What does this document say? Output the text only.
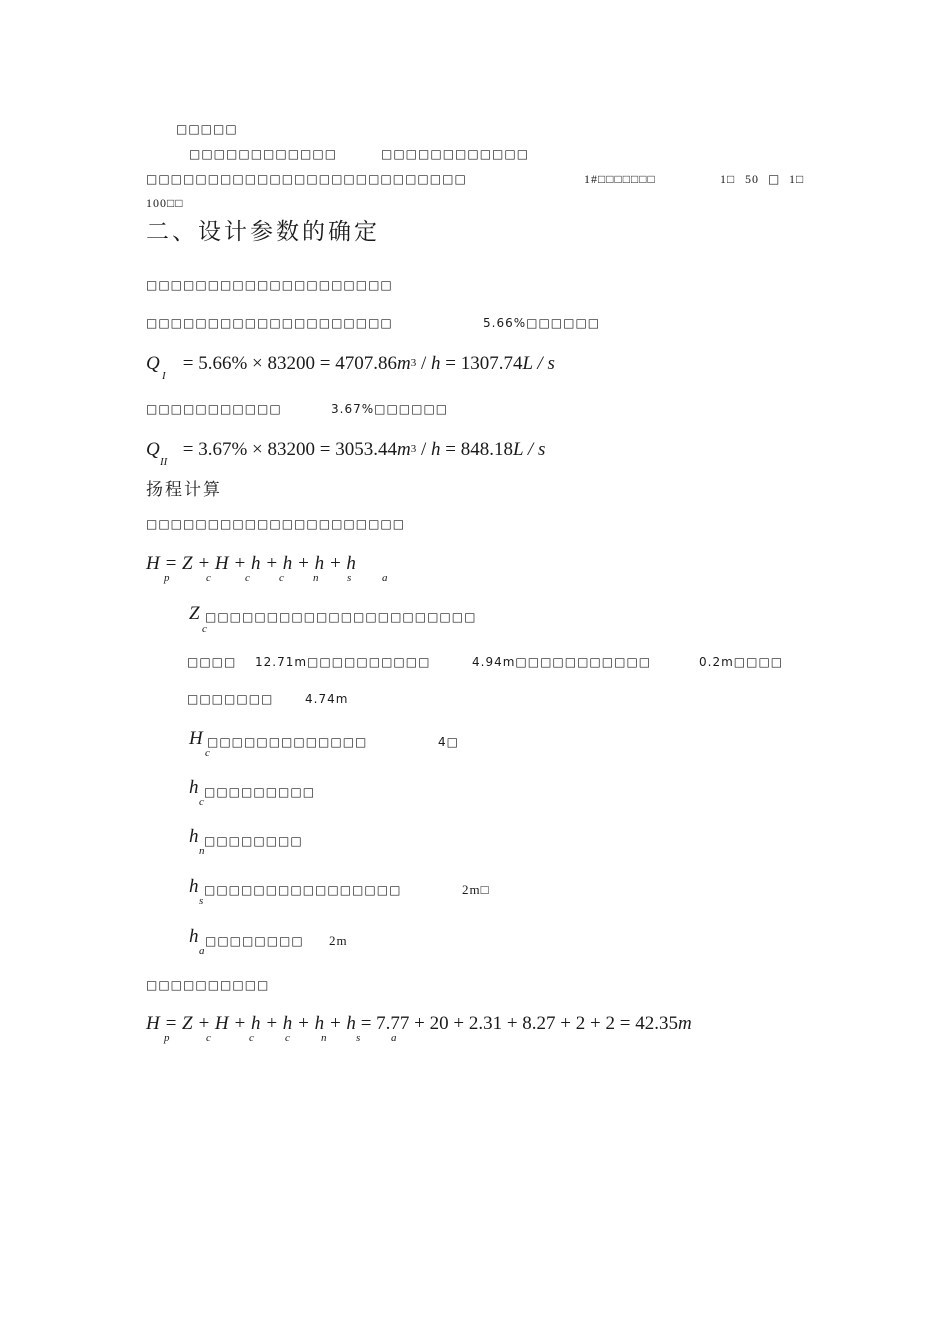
□□□□□
□□□□□□□□□□□□	□□□□□□□□□□□□
□□□□□□□□□□□□□□□□□□□□□□□□□□	1#□□□□□□□	1□ 50 □ 1□
100□□
二、设计参数的确定
□□□□□□□□□□□□□□□□□□□□
□□□□□□□□□□□□□□□□□□□□	5.66%□□□□□□
Q = 5.66% × 83200 = 4707.86m3 / h = 1307.74L / s
I
□□□□□□□□□□□	3.67%□□□□□□
Q = 3.67% × 83200 = 3053.44m3 / h = 848.18L / s
II
扬程计算
□□□□□□□□□□□□□□□□□□□□□
H = Z + H + h + h + h + h
p	c	c	c	n	s	a
Z
c
□□□□□□□□□□□□□□□□□□□□□□
□□□□ 12.71m□□□□□□□□□□	4.94m□□□□□□□□□□□	0.2m□□□□
□□□□□□□	4.74m
H
c
□□□□□□□□□□□□□	4□
h
c
□□□□□□□□□
h
n
□□□□□□□□
h
s
□□□□□□□□□□□□□□□□	2m□
h
a
□□□□□□□□ 2m
□□□□□□□□□□
H = Z + H + h + h + h + h = 7.77 + 20 + 2.31 + 8.27 + 2 + 2 = 42.35m
p	c	c	c	n	s	a
